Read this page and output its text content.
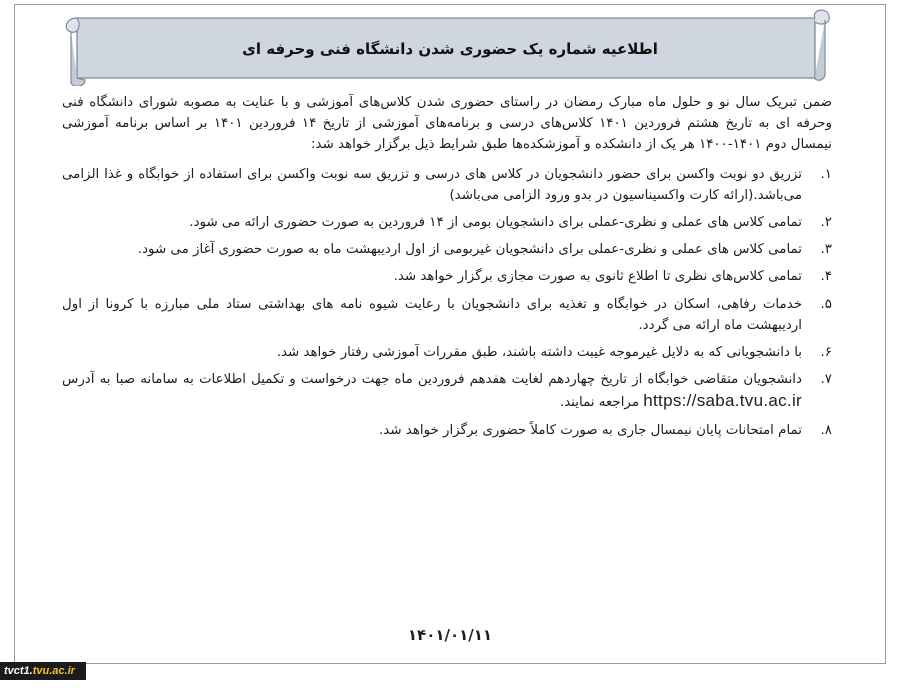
اطلاعیه شماره یک حضوری شدن دانشگاه فنی وحرفه ای

ضمن تبریک سال نو و حلول ماه مبارک رمضان در راستای حضوری شدن کلاس‌های آموزشی و با عنایت به مصوبه شورای دانشگاه فنی وحرفه ای به تاریخ هشتم فروردین ۱۴۰۱ کلاس‌های درسی و برنامه‌های آموزشی از تاریخ ۱۴ فروردین ۱۴۰۱ بر اساس برنامه آموزشی نیمسال دوم ۱۴۰۱-۱۴۰۰ هر یک از دانشکده و آموزشکده‌ها طبق شرایط ذیل برگزار خواهد شد:

۱.
تزریق دو نوبت واکسن برای حضور دانشجویان در کلاس های درسی و تزریق سه نوبت واکسن برای استفاده از خوابگاه و غذا الزامی می‌باشد.(ارائه کارت واکسیناسیون در بدو ورود الزامی می‌باشد)
۲.
تمامی کلاس های عملی و نظری-عملی برای دانشجویان بومی از ۱۴ فروردین به صورت حضوری ارائه می شود.
۳.
تمامی کلاس های عملی و نظری-عملی برای دانشجویان غیربومی از اول اردیبهشت ماه به صورت حضوری آغاز می شود.
۴.
تمامی کلاس‌های نظری تا اطلاع ثانوی به صورت مجازی برگزار خواهد شد.
۵.
خدمات رفاهی، اسکان در خوابگاه و تغذیه برای دانشجویان با رعایت شیوه نامه های بهداشتی ستاد ملی مبارزه با کرونا از اول اردیبهشت ماه ارائه می گردد.
۶.
با دانشجویانی که به دلایل غیرموجه غیبت داشته باشند، طبق مقررات آموزشی رفتار خواهد شد.
۷.
دانشجویان متقاضی خوابگاه از تاریخ چهاردهم لغایت هفدهم فروردین ماه جهت درخواست و تکمیل اطلاعات به سامانه صبا به آدرس https://saba.tvu.ac.ir مراجعه نمایند.
۸.
تمام امتحانات پایان نیمسال جاری به صورت کاملاً حضوری برگزار خواهد شد.
۱۴۰۱/۰۱/۱۱
tvct1.tvu.ac.ir
